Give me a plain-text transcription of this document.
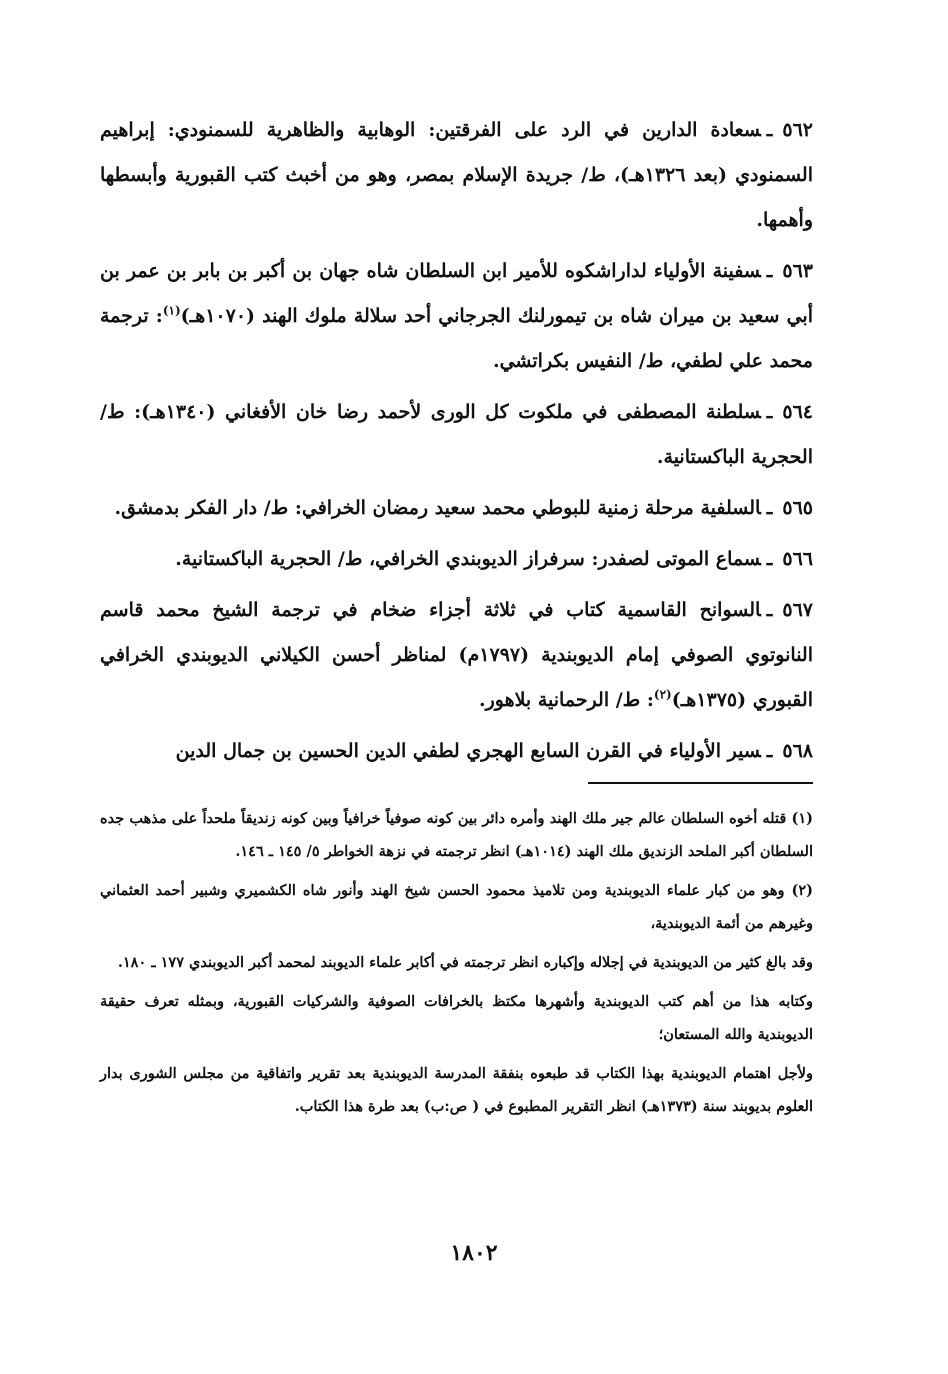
٥٦٢ـسعادة الدارين في الرد على الفرقتين: الوهابية والظاهرية للسمنودي: إبراهيم السمنودي (بعد ١٣٢٦هـ)، ط/ جريدة الإسلام بمصر، وهو من أخبث كتب القبورية وأبسطها وأهمها.

٥٦٣ـسفينة الأولياء لداراشكوه للأمير ابن السلطان شاه جهان بن أكبر بن بابر بن عمر بن أبي سعيد بن ميران شاه بن تيمورلنك الجرجاني أحد سلالة ملوك الهند (١٠٧٠هـ)$^{(١)}$: ترجمة محمد علي لطفي، ط/ النفيس بكراتشي.

٥٦٤ـسلطنة المصطفى في ملكوت كل الورى لأحمد رضا خان الأفغاني (١٣٤٠هـ): ط/ الحجرية الباكستانية.

٥٦٥ـالسلفية مرحلة زمنية للبوطي محمد سعيد رمضان الخرافي: ط/ دار الفكر بدمشق.

٥٦٦ـسماع الموتى لصفدر: سرفراز الديوبندي الخرافي، ط/ الحجرية الباكستانية.

٥٦٧ـالسوانح القاسمية كتاب في ثلاثة أجزاء ضخام في ترجمة الشيخ محمد قاسم النانوتوي الصوفي إمام الديوبندية (١٧٩٧م) لمناظر أحسن الكيلاني الديوبندي الخرافي القبوري (١٣٧٥هـ)$^{(٢)}$: ط/ الرحمانية بلاهور.

٥٦٨ـسير الأولياء في القرن السابع الهجري لطفي الدين الحسين بن جمال الدين

(١) قتله أخوه السلطان عالم جير ملك الهند وأمره دائر بين كونه صوفياً خرافياً وبين كونه زنديقاً ملحداً على مذهب جده السلطان أكبر الملحد الزنديق ملك الهند (١٠١٤هـ) انظر ترجمته في نزهة الخواطر ٥/ ١٤٥ ـ ١٤٦.

(٢) وهو من كبار علماء الديوبندية ومن تلاميذ محمود الحسن شيخ الهند وأنور شاه الكشميري وشبير أحمد العثماني وغيرهم من أئمة الديوبندية،

وقد بالغ كثير من الديوبندية في إجلاله وإكباره انظر ترجمته في أكابر علماء الديوبند لمحمد أكبر الديوبندي ١٧٧ ـ ١٨٠.

وكتابه هذا من أهم كتب الديوبندية وأشهرها مكتظ بالخرافات الصوفية والشركيات القبورية، وبمثله تعرف حقيقة الديوبندية والله المستعان؛

ولأجل اهتمام الديوبندية بهذا الكتاب قد طبعوه بنفقة المدرسة الديوبندية بعد تقرير واتفاقية من مجلس الشورى بدار العلوم بديوبند سنة (١٣٧٣هـ) انظر التقرير المطبوع في ( ص:ب) بعد طرة هذا الكتاب.

١٨٠٢
